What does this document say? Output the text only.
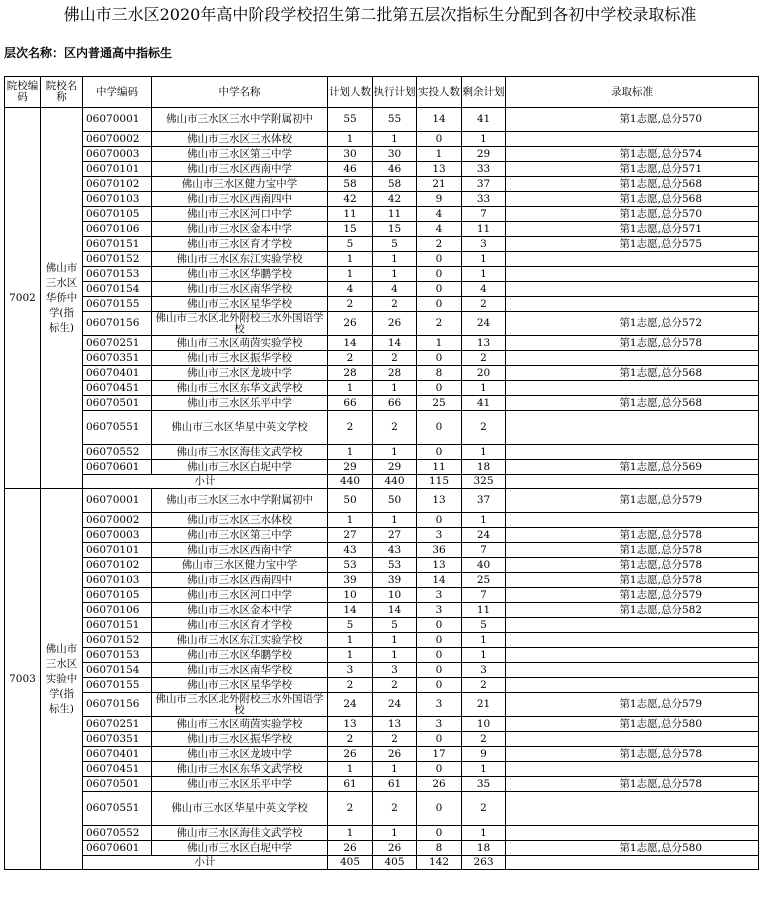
佛山市三水区2020年高中阶段学校招生第二批第五层次指标生分配到各初中学校录取标准
层次名称：区内普通高中指标生
院校编码	院校名称	中学编码	中学名称	计划人数	执行计划	实投人数	剩余计划	录取标准
7002	佛山市三水区华侨中学(指标生)	06070001	佛山市三水区三水中学附属初中	55	55	14	41	第1志愿,总分570
		06070002	佛山市三水区三水体校	1	1	0	1	
		06070003	佛山市三水区第三中学	30	30	1	29	第1志愿,总分574
		06070101	佛山市三水区西南中学	46	46	13	33	第1志愿,总分571
		06070102	佛山市三水区健力宝中学	58	58	21	37	第1志愿,总分568
		06070103	佛山市三水区西南四中	42	42	9	33	第1志愿,总分568
		06070105	佛山市三水区河口中学	11	11	4	7	第1志愿,总分570
		06070106	佛山市三水区金本中学	15	15	4	11	第1志愿,总分571
		06070151	佛山市三水区育才学校	5	5	2	3	第1志愿,总分575
		06070152	佛山市三水区东江实验学校	1	1	0	1	
		06070153	佛山市三水区华鹏学校	1	1	0	1	
		06070154	佛山市三水区南华学校	4	4	0	4	
		06070155	佛山市三水区星华学校	2	2	0	2	
		06070156	佛山市三水区北外附校三水外国语学校	26	26	2	24	第1志愿,总分572
		06070251	佛山市三水区萌茵实验学校	14	14	1	13	第1志愿,总分578
		06070351	佛山市三水区振华学校	2	2	0	2	
		06070401	佛山市三水区龙坡中学	28	28	8	20	第1志愿,总分568
		06070451	佛山市三水区东华文武学校	1	1	0	1	
		06070501	佛山市三水区乐平中学	66	66	25	41	第1志愿,总分568
		06070551	佛山市三水区华星中英文学校	2	2	0	2	
		06070552	佛山市三水区海佳文武学校	1	1	0	1	
		06070601	佛山市三水区白坭中学	29	29	11	18	第1志愿,总分569
		小计		440	440	115	325	
7003	佛山市三水区实验中学(指标生)	06070001	佛山市三水区三水中学附属初中	50	50	13	37	第1志愿,总分579
		06070002	佛山市三水区三水体校	1	1	0	1	
		06070003	佛山市三水区第三中学	27	27	3	24	第1志愿,总分578
		06070101	佛山市三水区西南中学	43	43	36	7	第1志愿,总分578
		06070102	佛山市三水区健力宝中学	53	53	13	40	第1志愿,总分578
		06070103	佛山市三水区西南四中	39	39	14	25	第1志愿,总分578
		06070105	佛山市三水区河口中学	10	10	3	7	第1志愿,总分579
		06070106	佛山市三水区金本中学	14	14	3	11	第1志愿,总分582
		06070151	佛山市三水区育才学校	5	5	0	5	
		06070152	佛山市三水区东江实验学校	1	1	0	1	
		06070153	佛山市三水区华鹏学校	1	1	0	1	
		06070154	佛山市三水区南华学校	3	3	0	3	
		06070155	佛山市三水区星华学校	2	2	0	2	
		06070156	佛山市三水区北外附校三水外国语学校	24	24	3	21	第1志愿,总分579
		06070251	佛山市三水区萌茵实验学校	13	13	3	10	第1志愿,总分580
		06070351	佛山市三水区振华学校	2	2	0	2	
		06070401	佛山市三水区龙坡中学	26	26	17	9	第1志愿,总分578
		06070451	佛山市三水区东华文武学校	1	1	0	1	
		06070501	佛山市三水区乐平中学	61	61	26	35	第1志愿,总分578
		06070551	佛山市三水区华星中英文学校	2	2	0	2	
		06070552	佛山市三水区海佳文武学校	1	1	0	1	
		06070601	佛山市三水区白坭中学	26	26	8	18	第1志愿,总分580
		小计		405	405	142	263	
